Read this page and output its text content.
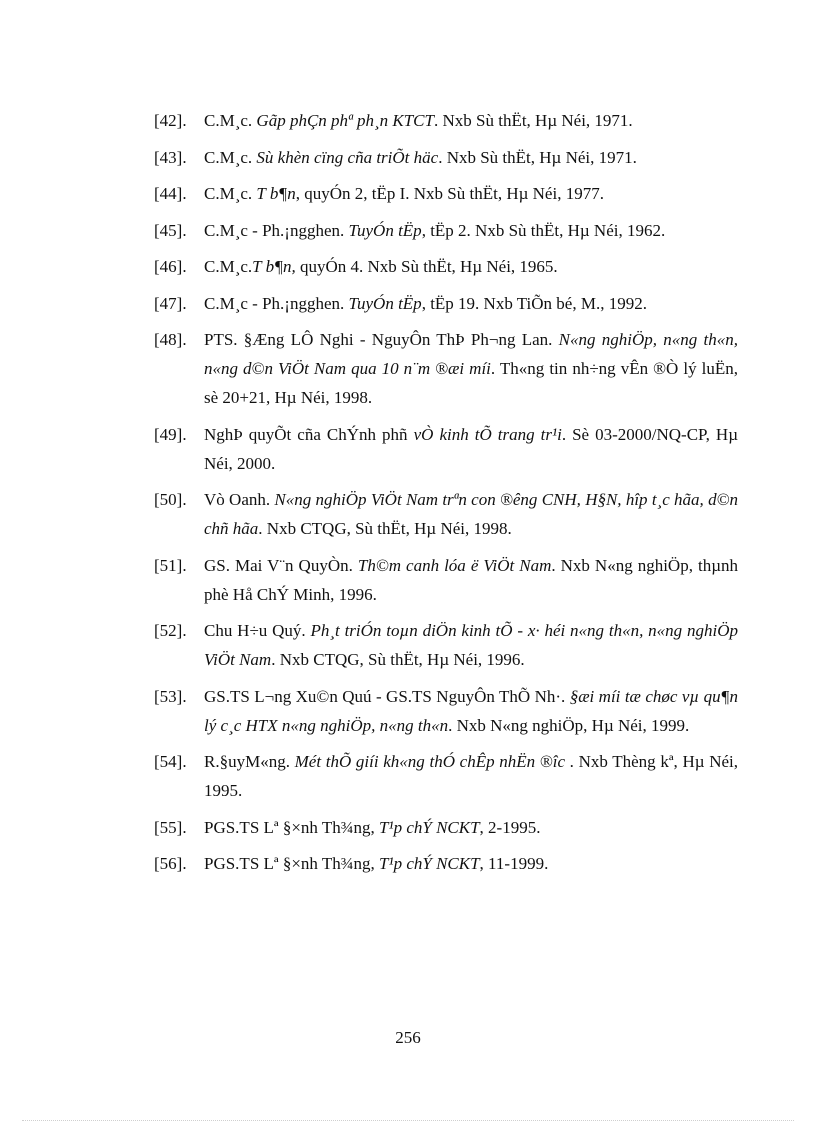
[42].	C.M¸c. Gãp phÇn phª ph¸n KTCT. Nxb Sù thËt, Hµ Néi, 1971.
[43].	C.M¸c. Sù khèn cïng cña triÕt häc. Nxb Sù thËt, Hµ Néi, 1971.
[44].	C.M¸c. T b¶n, quyÓn 2, tËp I. Nxb Sù thËt, Hµ Néi, 1977.
[45].	C.M¸c - Ph.¡ngghen. TuyÓn tËp, tËp 2. Nxb Sù thËt, Hµ Néi, 1962.
[46].	C.M¸c.T b¶n, quyÓn 4. Nxb Sù thËt, Hµ Néi, 1965.
[47].	C.M¸c - Ph.¡ngghen. TuyÓn tËp, tËp 19. Nxb TiÕn bé, M., 1992.
[48].	PTS. §Æng LÔ Nghi - NguyÔn ThÞ Ph¬ng Lan. N«ng nghiÖp, n«ng th«n, n«ng d©n ViÖt Nam qua 10 n¨m ®æi míi. Th«ng tin nh÷ng vÊn ®Ò lý luËn, sè 20+21, Hµ Néi, 1998.
[49].	NghÞ quyÕt cña ChÝnh phñ vÒ kinh tÕ trang tr¹i. Sè 03-2000/NQ-CP, Hµ Néi, 2000.
[50].	Vò Oanh. N«ng nghiÖp ViÖt Nam trªn con ®êng CNH, H§N, hîp t¸c hãa, d©n chñ hãa. Nxb CTQG, Sù thËt, Hµ Néi, 1998.
[51].	GS. Mai V¨n QuyÒn. Th©m canh lóa ë ViÖt Nam. Nxb N«ng nghiÖp, thµnh phè Hå ChÝ Minh, 1996.
[52].	Chu H÷u Quý. Ph¸t triÓn toµn diÖn kinh tÕ - x· héi n«ng th«n, n«ng nghiÖp ViÖt Nam. Nxb CTQG, Sù thËt, Hµ Néi, 1996.
[53].	GS.TS L¬ng Xu©n Quú - GS.TS NguyÔn ThÕ Nh·. §æi míi tæ chøc vµ qu¶n lý c¸c HTX n«ng nghiÖp, n«ng th«n. Nxb N«ng nghiÖp, Hµ Néi, 1999.
[54].	R.§uyM«ng. Mét thÕ giíi kh«ng thÓ chÊp nhËn ®îc . Nxb Thèng kª, Hµ Néi, 1995.
[55].	PGS.TS Lª §×nh Th¾ng, T¹p chÝ NCKT, 2-1995.
[56].	PGS.TS Lª §×nh Th¾ng, T¹p chÝ NCKT, 11-1999.
256
